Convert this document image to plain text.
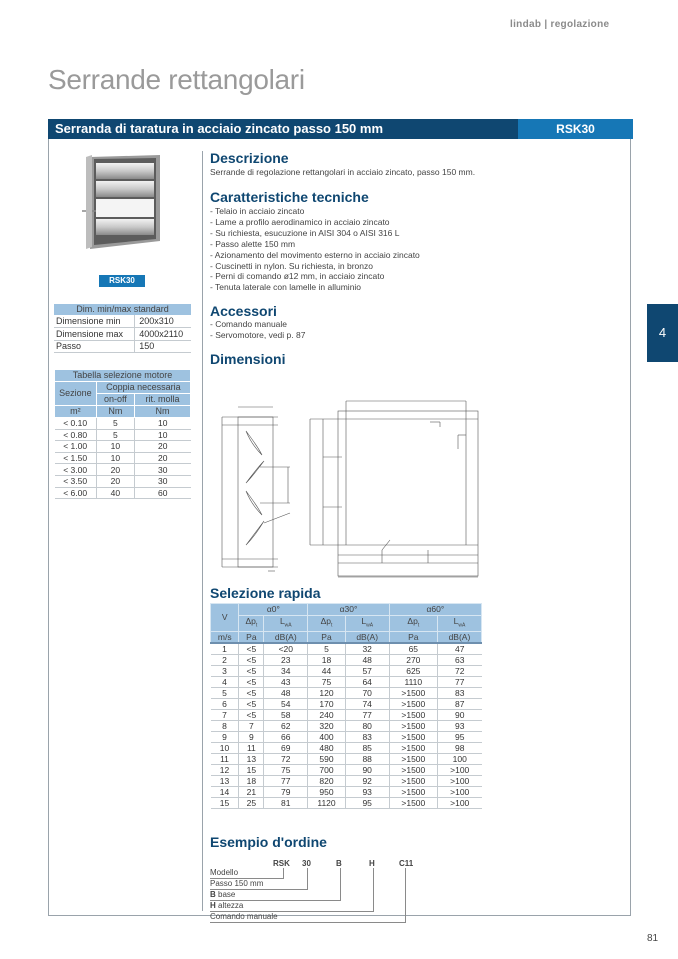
lindab | regolazione
Serrande rettangolari
Serranda di taratura in acciaio zincato passo 150 mm	RSK30
RSK30
Dim. min/max standard	
Dimensione min	200x310
Dimensione max	4000x2110
Passo	150
Tabella selezione motore		
Sezione	Coppia necessaria	
	on-off	rit. molla
m²	Nm	Nm
< 0.10	5	10
< 0.80	5	10
< 1.00	10	20
< 1.50	10	20
< 3.00	20	30
< 3.50	20	30
< 6.00	40	60
Descrizione
Serrande di regolazione rettangolari in acciaio zincato, passo 150 mm.
Caratteristiche tecniche
- Telaio in acciaio zincato
- Lame a profilo aerodinamico in acciaio zincato
- Su richiesta, esucuzione in AISI 304 o AISI 316 L
- Passo alette 150 mm
- Azionamento del movimento esterno in acciaio zincato
- Cuscinetti in nylon. Su richiesta, in bronzo
- Perni di comando ø12 mm, in acciaio zincato
- Tenuta laterale con lamelle in alluminio
Accessori
- Comando manuale
- Servomotore, vedi p. 87
Dimensioni
Selezione rapida
V	α0°		α30°		α60°	
	$\Delta p_t$	$L_{wA}$	$\Delta p_t$	$L_{wA}$	$\Delta p_t$	$L_{wA}$
m/s	Pa	dB(A)	Pa	dB(A)	Pa	dB(A)
1	<5	<20	5	32	65	47
2	<5	23	18	48	270	63
3	<5	34	44	57	625	72
4	<5	43	75	64	1110	77
5	<5	48	120	70	>1500	83
6	<5	54	170	74	>1500	87
7	<5	58	240	77	>1500	90
8	7	62	320	80	>1500	93
9	9	66	400	83	>1500	95
10	11	69	480	85	>1500	98
11	13	72	590	88	>1500	100
12	15	75	700	90	>1500	>100
13	18	77	820	92	>1500	>100
14	21	79	950	93	>1500	>100
15	25	81	1120	95	>1500	>100
Esempio d'ordine
RSK 30	B	H	C11
Modello
Passo 150 mm
B base
H altezza
Comando manuale
4
81
